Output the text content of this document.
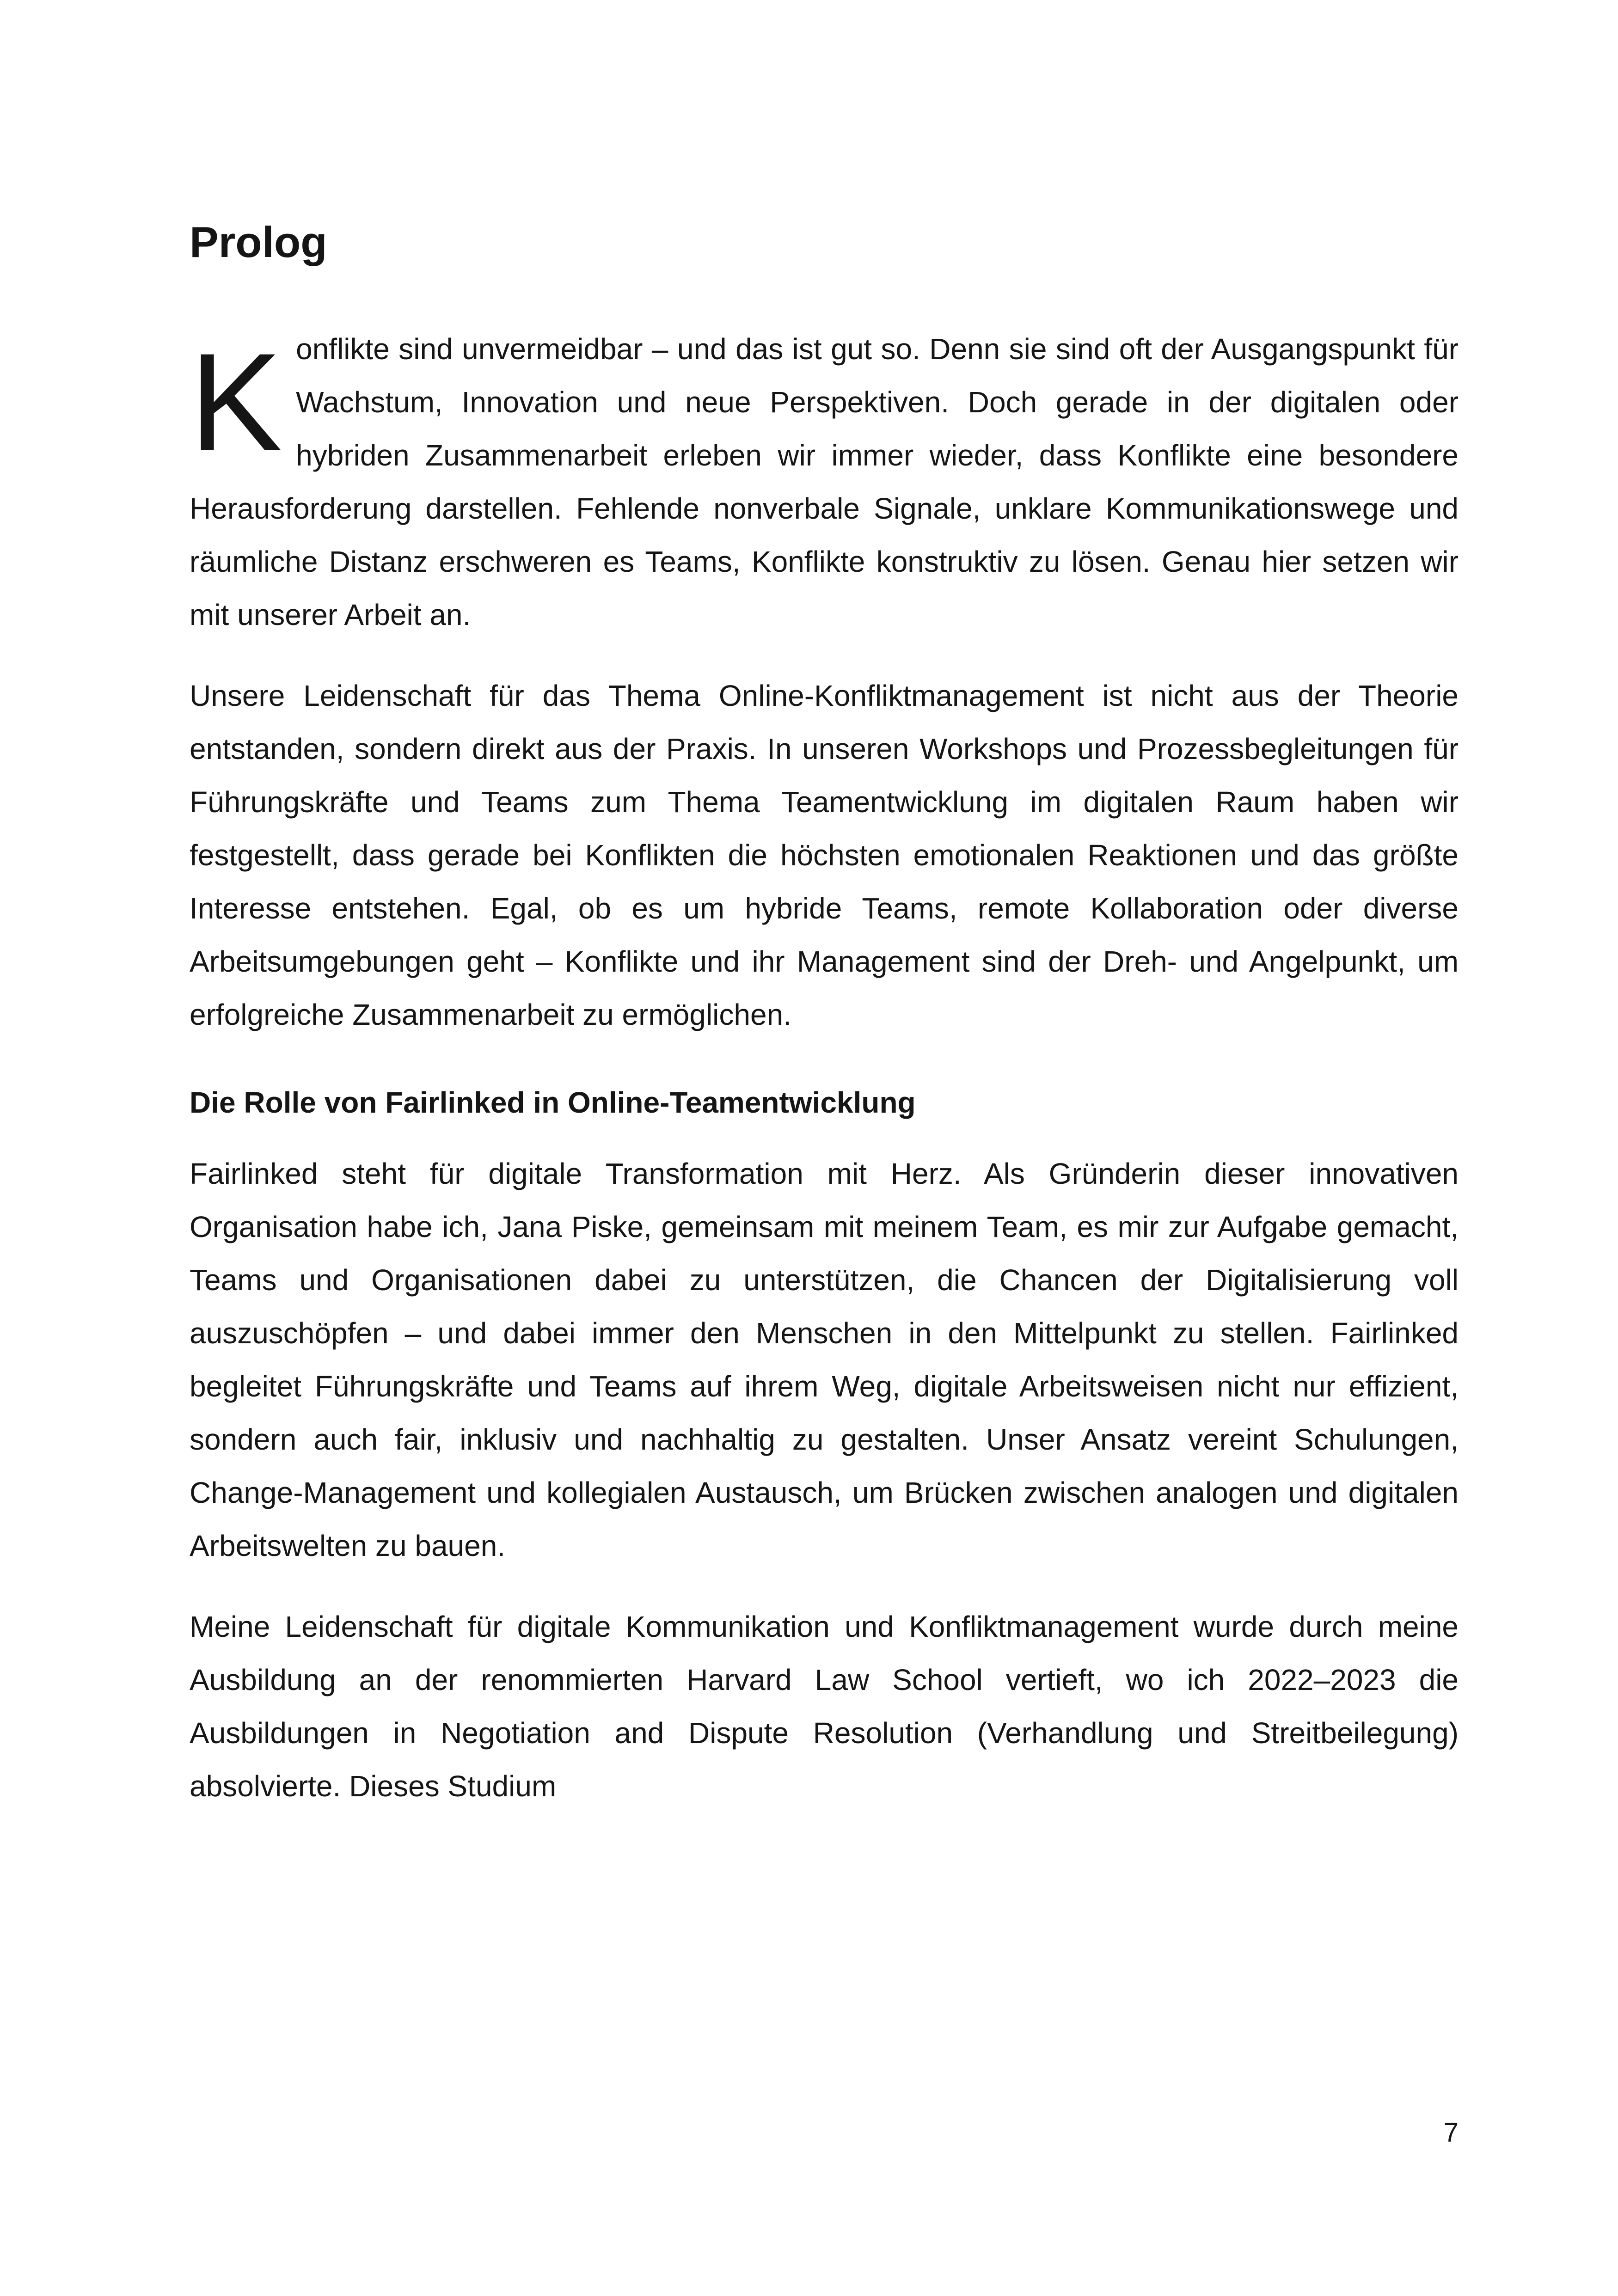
Prolog

Konflikte sind unvermeidbar – und das ist gut so. Denn sie sind oft der Ausgangspunkt für Wachstum, Innovation und neue Perspektiven. Doch gerade in der digitalen oder hybriden Zusammenarbeit erleben wir immer wieder, dass Konflikte eine besondere Herausforderung darstellen. Fehlende nonverbale Signale, unklare Kommunikationswege und räumliche Distanz erschweren es Teams, Konflikte konstruktiv zu lösen. Genau hier setzen wir mit unserer Arbeit an.

Unsere Leidenschaft für das Thema Online-Konfliktmanagement ist nicht aus der Theorie entstanden, sondern direkt aus der Praxis. In unseren Workshops und Prozessbegleitungen für Führungskräfte und Teams zum Thema Teamentwicklung im digitalen Raum haben wir festgestellt, dass gerade bei Konflikten die höchsten emotionalen Reaktionen und das größte Interesse entstehen. Egal, ob es um hybride Teams, remote Kollaboration oder diverse Arbeitsumgebungen geht – Konflikte und ihr Management sind der Dreh- und Angelpunkt, um erfolgreiche Zusammenarbeit zu ermöglichen.

Die Rolle von Fairlinked in Online-Teamentwicklung

Fairlinked steht für digitale Transformation mit Herz. Als Gründerin dieser innovativen Organisation habe ich, Jana Piske, gemeinsam mit meinem Team, es mir zur Aufgabe gemacht, Teams und Organisationen dabei zu unterstützen, die Chancen der Digitalisierung voll auszuschöpfen – und dabei immer den Menschen in den Mittelpunkt zu stellen. Fairlinked begleitet Führungskräfte und Teams auf ihrem Weg, digitale Arbeitsweisen nicht nur effizient, sondern auch fair, inklusiv und nachhaltig zu gestalten. Unser Ansatz vereint Schulungen, Change-Management und kollegialen Austausch, um Brücken zwischen analogen und digitalen Arbeitswelten zu bauen.

Meine Leidenschaft für digitale Kommunikation und Konfliktmanagement wurde durch meine Ausbildung an der renommierten Harvard Law School vertieft, wo ich 2022–2023 die Ausbildungen in Negotiation and Dispute Resolution (Verhandlung und Streitbeilegung) absolvierte. Dieses Studium

7
